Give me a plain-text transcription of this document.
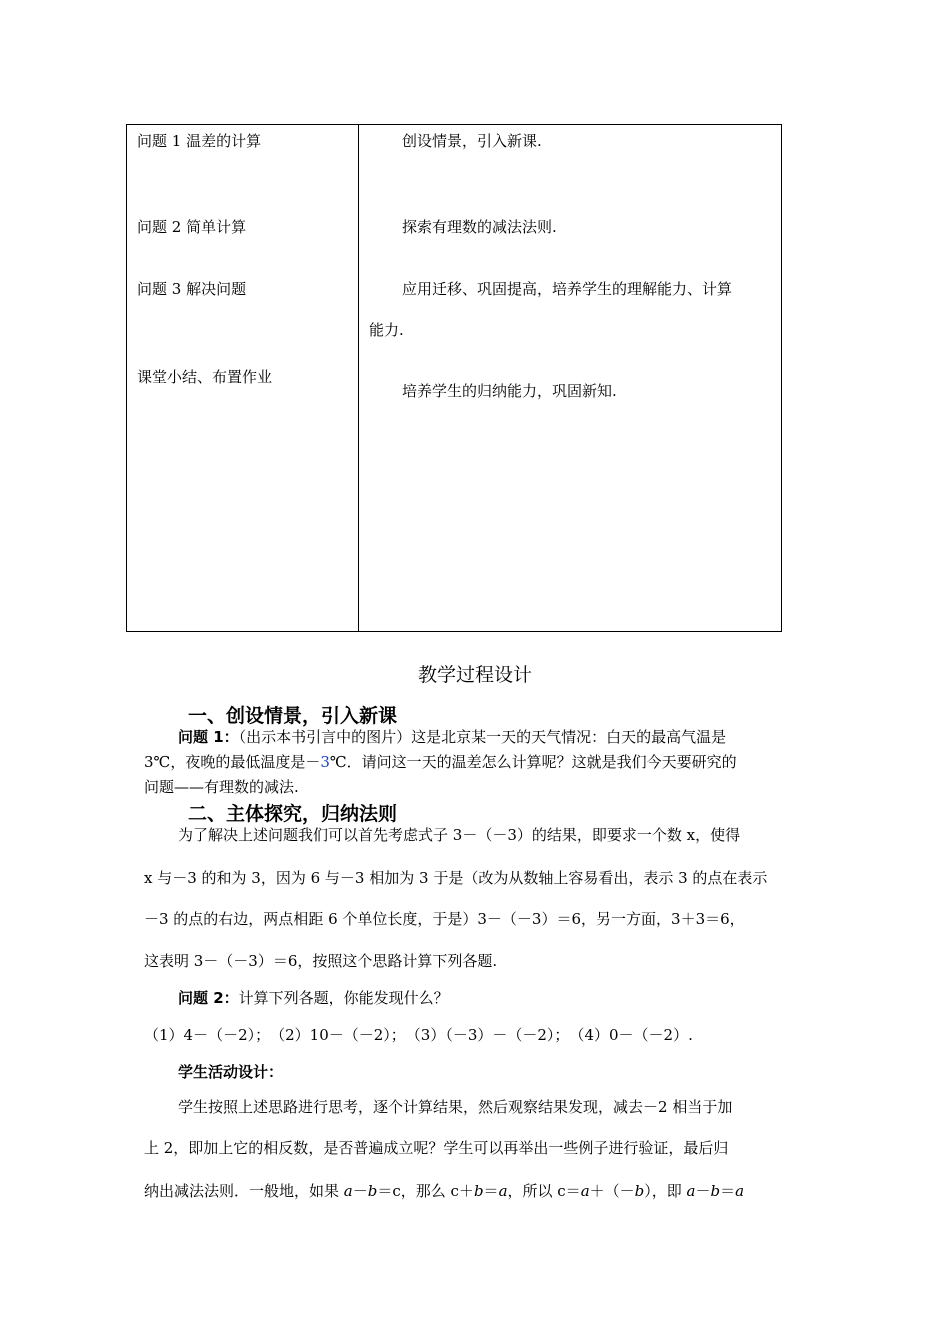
问题 1 温差的计算
问题 2 简单计算
问题 3 解决问题
课堂小结、布置作业
创设情景，引入新课.
探索有理数的减法法则.
应用迁移、巩固提高，培养学生的理解能力、计算
能力.
培养学生的归纳能力，巩固新知.
教学过程设计
一、创设情景，引入新课
问题 1：（出示本书引言中的图片）这是北京某一天的天气情况：白天的最高气温是
3℃，夜晚的最低温度是－3℃．请问这一天的温差怎么计算呢？这就是我们今天要研究的
问题——有理数的减法.
二、主体探究，归纳法则
为了解决上述问题我们可以首先考虑式子 3－（－3）的结果，即要求一个数 x，使得
x 与－3 的和为 3，因为 6 与－3 相加为 3 于是（改为从数轴上容易看出，表示 3 的点在表示
－3 的点的右边，两点相距 6 个单位长度，于是）3－（－3）＝6，另一方面，3＋3＝6，
这表明 3－（－3）＝6，按照这个思路计算下列各题.
问题 2：计算下列各题，你能发现什么？
（1）4－（－2）；　（2）10－（－2）；　（3）（－3）－（－2）；　（4）0－（－2）.
学生活动设计：
学生按照上述思路进行思考，逐个计算结果，然后观察结果发现，减去－2 相当于加
上 2，即加上它的相反数，是否普遍成立呢？学生可以再举出一些例子进行验证，最后归
纳出减法法则．一般地，如果 a－b＝c，那么 c＋b＝a，所以 c＝a＋（－b），即 a－b＝a
